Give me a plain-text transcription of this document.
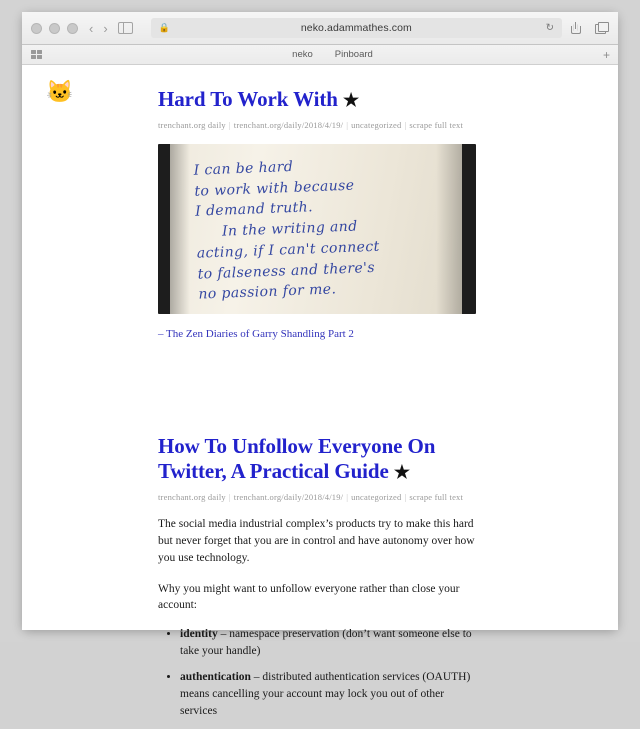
‹ ›	🔒	neko.adammathes.com	↻
neko Pinboard	+
🐱	Hard To Work With ★
trenchant.org daily | trenchant.org/daily/2018/4/19/ | uncategorized | scrape full text
I can be hard
to work with because
I demand truth.
In the writing and
acting, if I can't connect
to falseness and there's
no passion for me.
– The Zen Diaries of Garry Shandling Part 2
How To Unfollow Everyone On Twitter, A Practical Guide ★
trenchant.org daily | trenchant.org/daily/2018/4/19/ | uncategorized | scrape full text

The social media industrial complex’s products try to make this hard but never forget that you are in control and have autonomy over how you use technology.

Why you might want to unfollow everyone rather than close your account:

• identity – namespace preservation (don’t want someone else to take your handle)
• authentication – distributed authentication services (OAUTH) means cancelling your account may lock you out of other services
